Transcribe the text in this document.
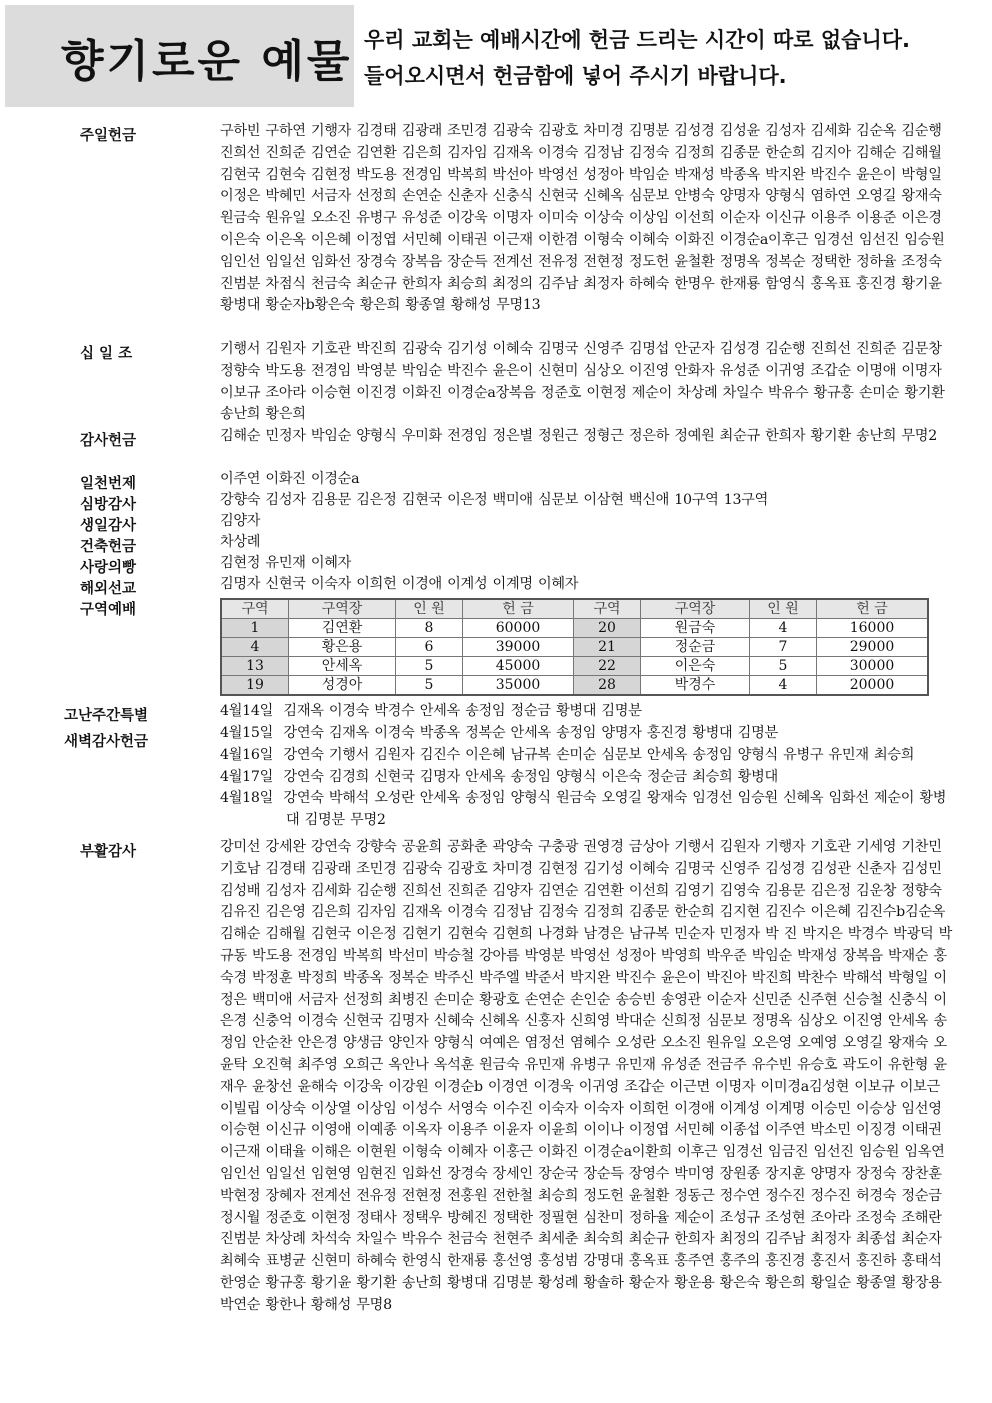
향기로운 예물 우리 교회는 예배시간에 헌금 드리는 시간이 따로 없습니다.
들어오시면서 헌금함에 넣어 주시기 바랍니다.
주일헌금	구하빈 구하연 기행자 김경태 김광래 조민경 김광숙 김광호 차미경 김명분 김성경 김성윤 김성자 김세화 김순옥 김순행 진희선 진희준 김연순 김연환 김은희 김자임 김재옥 이경숙 김정남 김정숙 김정희 김종문 한순희 김지아 김해순 김해월 김현국 김현숙 김현정 박도용 전경임 박복희 박선아 박영선 성정아 박임순 박재성 박종옥 박지완 박진수 윤은이 박형일 이정은 박혜민 서금자 선정희 손연순 신춘자 신충식 신현국 신혜옥 심문보 안병숙 양명자 양형식 염하연 오영길 왕재숙 원금숙 원유일 오소진 유병구 유성준 이강욱 이명자 이미숙 이상숙 이상임 이선희 이순자 이신규 이용주 이용준 이은경 이은숙 이은옥 이은혜 이정엽 서민혜 이태권 이근재 이한겸 이형숙 이혜숙 이화진 이경순a이후근 임경선 임선진 임승원 임인선 임일선 임화선 장경숙 장복음 장순득 전계선 전유정 전현정 정도헌 윤철환 정명옥 정복순 정택한 정하율 조정숙 진범분 차점식 천금숙 최순규 한희자 최승희 최정의 김주남 최정자 하혜숙 한명우 한재룡 함영식 홍옥표 홍진경 황기윤 황병대 황순자b황은숙 황은희 황종열 황해성 무명13
십 일 조	기행서 김원자 기호관 박진희 김광숙 김기성 이혜숙 김명국 신영주 김명섭 안군자 김성경 김순행 진희선 진희준 김문창 정향숙 박도용 전경임 박영분 박임순 박진수 윤은이 신현미 심상오 이진영 안화자 유성준 이귀영 조갑순 이명애 이명자 이보규 조아라 이승현 이진경 이화진 이경순a장복음 정준호 이현정 제순이 차상례 차일수 박유수 황규홍 손미순 황기환 송난희 황은희
감사헌금	김해순 민정자 박임순 양형식 우미화 전경임 정은별 정원근 정형근 정은하 정예원 최순규 한희자 황기환 송난희 무명2
일천번제	이주연 이화진 이경순a
심방감사	강향숙 김성자 김용문 김은정 김현국 이은정 백미애 심문보 이삼현 백신애 10구역 13구역
생일감사	김양자
건축헌금	차상례
사랑의빵	김현정 유민재 이혜자
해외선교	김명자 신현국 이숙자 이희헌 이경애 이계성 이계명 이혜자
구역예배	구역	구역장	인 원	헌 금	구역	구역장	인 원	헌 금
1	김연환	8	60000	20	원금숙	4	16000
4	황은용	6	39000	21	정순금	7	29000
13	안세옥	5	45000	22	이은숙	5	30000
19	성경아	5	35000	28	박경수	4	20000
고난주간특별	4월14일 김재옥 이경숙 박경수 안세옥 송정임 정순금 황병대 김명분
새벽감사헌금
4월15일 강연숙 김재옥 이경숙 박종옥 정복순 안세옥 송정임 양명자 홍진경 황병대 김명분
4월16일 강연숙 기행서 김원자 김진수 이은혜 남규복 손미순 심문보 안세옥 송정임 양형식 유병구 유민재 최승희
4월17일 강연숙 김경희 신현국 김명자 안세옥 송정임 양형식 이은숙 정순금 최승희 황병대
4월18일 강연숙 박해석 오성란 안세옥 송정임 양형식 원금숙 오영길 왕재숙 임경선 임승원 신혜옥 임화선 제순이 황병대 김명분 무명2
부활감사	강미선 강세완 강연숙 강향숙 공윤희 공화춘 곽양숙 구충광 권영경 금상아 기행서 김원자 기행자 기호관 기세영 기찬민 기호남 김경태 김광래 조민경 김광숙 김광호 차미경 김현정 김기성 이혜숙 김명국 신영주 김성경 김성관 신춘자 김성민 김성배 김성자 김세화 김순행 진희선 진희준 김양자 김연순 김연환 이선희 김영기 김영숙 김용문 김은정 김운창 정향숙 김유진 김은영 김은희 김자임 김재옥 이경숙 김정남 김정숙 김정희 김종문 한순희 김지현 김진수 이은혜 김진수b김순옥 김해순 김해월 김현국 이은정 김현기 김현숙 김현희 나경화 남경은 남규복 민순자 민정자 박 진 박지은 박경수 박광덕 박규동 박도용 전경임 박복희 박선미 박승철 강아름 박영분 박영선 성정아 박영희 박우준 박임순 박재성 장복음 박재순 홍숙경 박정훈 박정희 박종옥 정복순 박주신 박주엘 박준서 박지완 박진수 윤은이 박진아 박진희 박찬수 박해석 박형일 이정은 백미애 서금자 선정희 최병진 손미순 황광호 손연순 손인순 송승빈 송영관 이순자 신민준 신주현 신승철 신충식 이은경 신충억 이경숙 신현국 김명자 신혜숙 신혜옥 신홍자 신희영 박대순 신희정 심문보 정명옥 심상오 이진영 안세옥 송정임 안순찬 안은경 양생금 양인자 양형식 여예은 염정선 염혜수 오성란 오소진 원유일 오은영 오예영 오영길 왕재숙 오윤탁 오진혁 최주영 오희근 옥안나 옥석훈 원금숙 유민재 유병구 유민재 유성준 전금주 유수빈 유승호 곽도이 유한형 윤재우 윤창선 윤해숙 이강욱 이강원 이경순b 이경연 이경욱 이귀영 조갑순 이근면 이명자 이미경a김성현 이보규 이보근 이빌립 이상숙 이상열 이상임 이성수 서영숙 이수진 이숙자 이숙자 이희헌 이경애 이계성 이계명 이승민 이승상 임선영 이승현 이신규 이영애 이예종 이옥자 이용주 이윤자 이윤희 이이나 이정엽 서민혜 이종섭 이주연 박소민 이징경 이태권 이근재 이태율 이해은 이현원 이형숙 이혜자 이홍근 이화진 이경순a이환희 이후근 임경선 임금진 임선진 임승원 임옥연 임인선 임일선 임현영 임현진 임화선 장경숙 장세인 장순국 장순득 장영수 박미영 장원종 장지훈 양명자 장정숙 장찬훈 박현정 장혜자 전계선 전유정 전현정 전홍원 전한철 최승희 정도헌 윤철환 정동근 정수연 정수진 정수진 허경숙 정순금 정시월 정준호 이현정 정태사 정택우 방혜진 정택한 정필현 심찬미 정하율 제순이 조성규 조성현 조아라 조정숙 조해란 진범분 차상례 차석숙 차일수 박유수 천금숙 천현주 최세춘 최숙희 최순규 한희자 최정의 김주남 최정자 최종섭 최순자 최혜숙 표병균 신현미 하혜숙 한영식 한재룡 홍선영 홍성범 강명대 홍옥표 홍주연 홍주의 홍진경 홍진서 홍진하 홍태석 한영순 황규홍 황기윤 황기환 송난희 황병대 김명분 황성례 황솔하 황순자 황운용 황은숙 황은희 황일순 황종열 황장용 박연순 황한나 황해성 무명8
